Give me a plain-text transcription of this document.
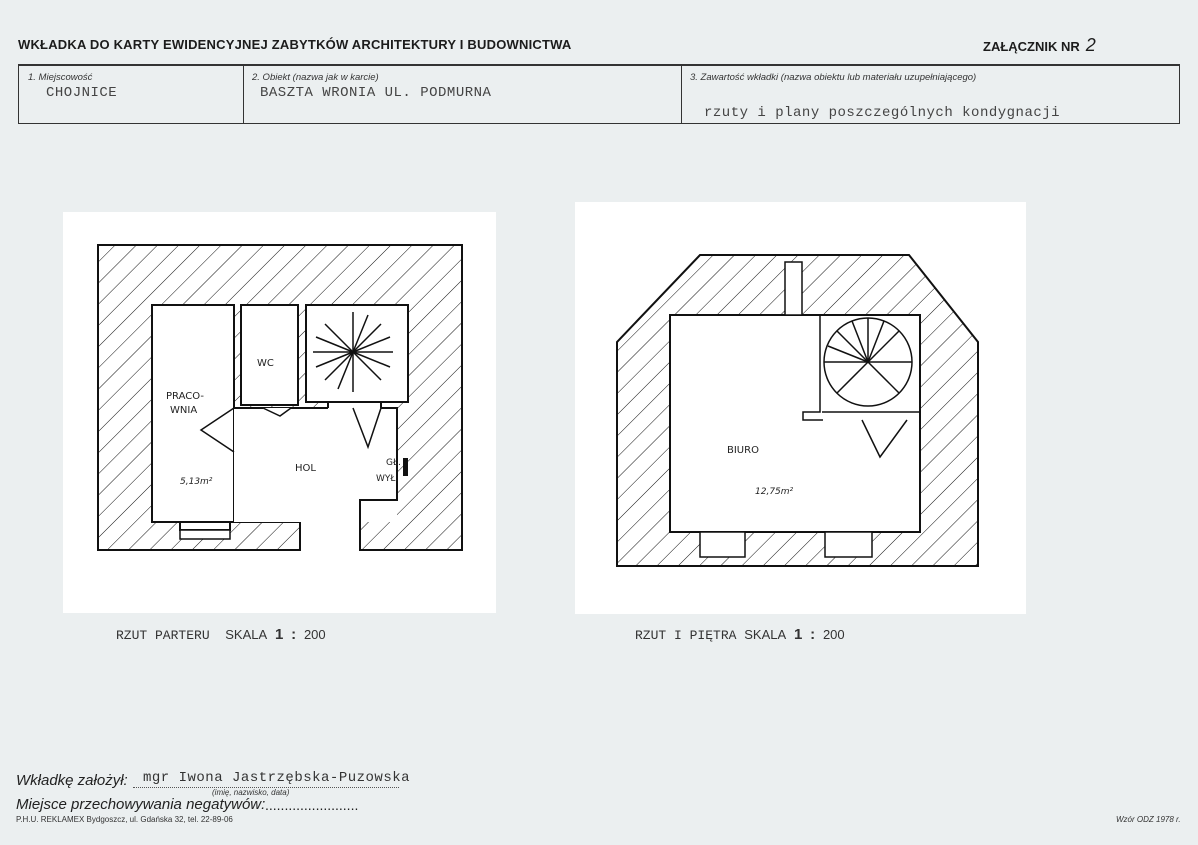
WKŁADKA DO KARTY EWIDENCYJNEJ ZABYTKÓW ARCHITEKTURY I BUDOWNICTWA	ZAŁĄCZNIK NR 2
1. Miejscowość
CHOJNICE
2. Obiekt (nazwa jak w karcie)
BASZTA WRONIA UL. PODMURNA
3. Zawartość wkładki (nazwa obiektu lub materiału uzupełniającego)
rzuty i plany poszczególnych kondygnacji
PRACO-
WNIA
WC
HOL	GŁ.
WYŁ.
5,13m²
BIURO
12,75m²
RZUT PARTERU SKALA 1 : 200	RZUT I PIĘTRA SKALA 1 : 200
Wkładkę założył: mgr Iwona Jastrzębska-Puzowska
(imię, nazwisko, data)
Miejsce przechowywania negatywów: ........................
P.H.U. REKLAMEX Bydgoszcz, ul. Gdańska 32, tel. 22-89-06	Wzór ODZ 1978 r.
